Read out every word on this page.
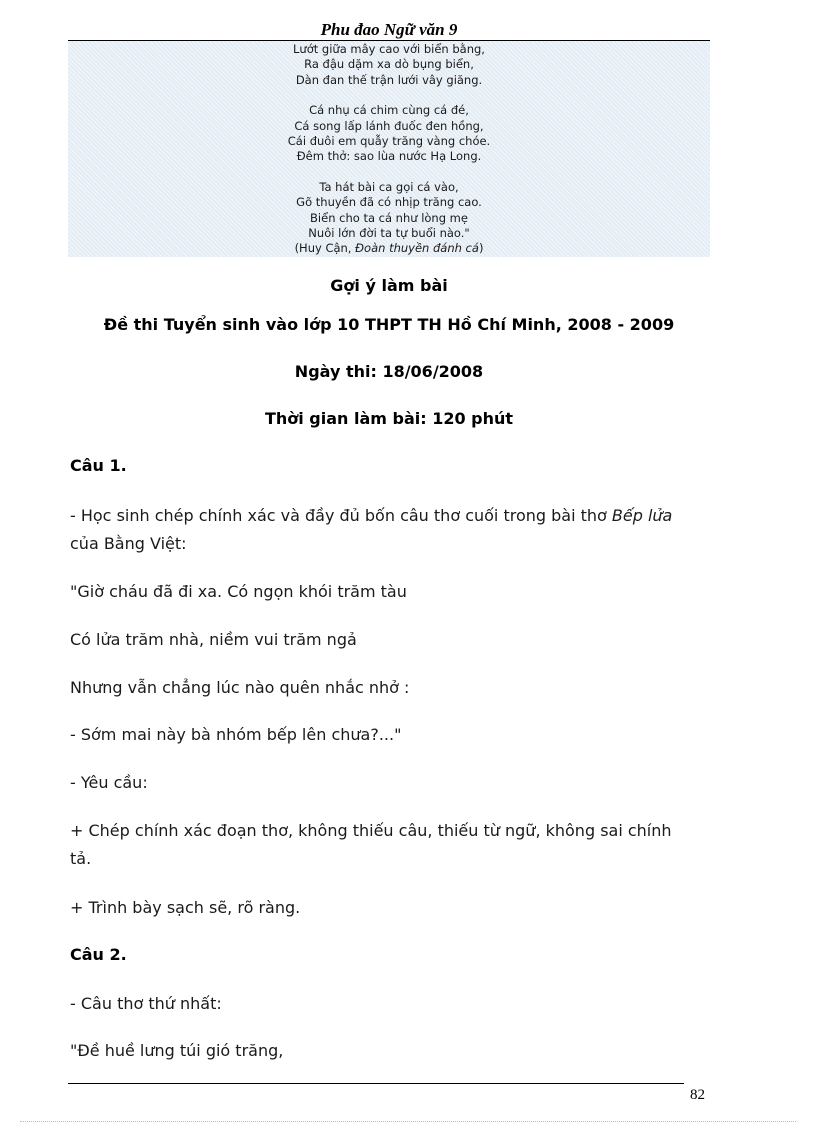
Phu đao Ngữ văn 9
Lướt giữa mây cao với biển bằng,
Ra đậu dặm xa dò bụng biển,
Dàn đan thế trận lưới vây giăng.
Cá nhụ cá chim cùng cá đé,
Cá song lấp lánh đuốc đen hồng,
Cái đuôi em quẫy trăng vàng chóe.
Đêm thở: sao lùa nước Hạ Long.
Ta hát bài ca gọi cá vào,
Gõ thuyền đã có nhịp trăng cao.
Biển cho ta cá như lòng mẹ
Nuôi lớn đời ta tự buổi nào."
(Huy Cận, Đoàn thuyền đánh cá)
Gợi ý làm bài
Đề thi Tuyển sinh vào lớp 10 THPT TH Hồ Chí Minh, 2008 - 2009
Ngày thi: 18/06/2008
Thời gian làm bài: 120 phút
Câu 1.
- Học sinh chép chính xác và đầy đủ bốn câu thơ cuối trong bài thơ Bếp lửa
của Bằng Việt:
"Giờ cháu đã đi xa. Có ngọn khói trăm tàu
Có lửa trăm nhà, niềm vui trăm ngả
Nhưng vẫn chẳng lúc nào quên nhắc nhở :
- Sớm mai này bà nhóm bếp lên chưa?..."
- Yêu cầu:
+ Chép chính xác đoạn thơ, không thiếu câu, thiếu từ ngữ, không sai chính
tả.
+ Trình bày sạch sẽ, rõ ràng.
Câu 2.
- Câu thơ thứ nhất:
"Đề huề lưng túi gió trăng,
82
